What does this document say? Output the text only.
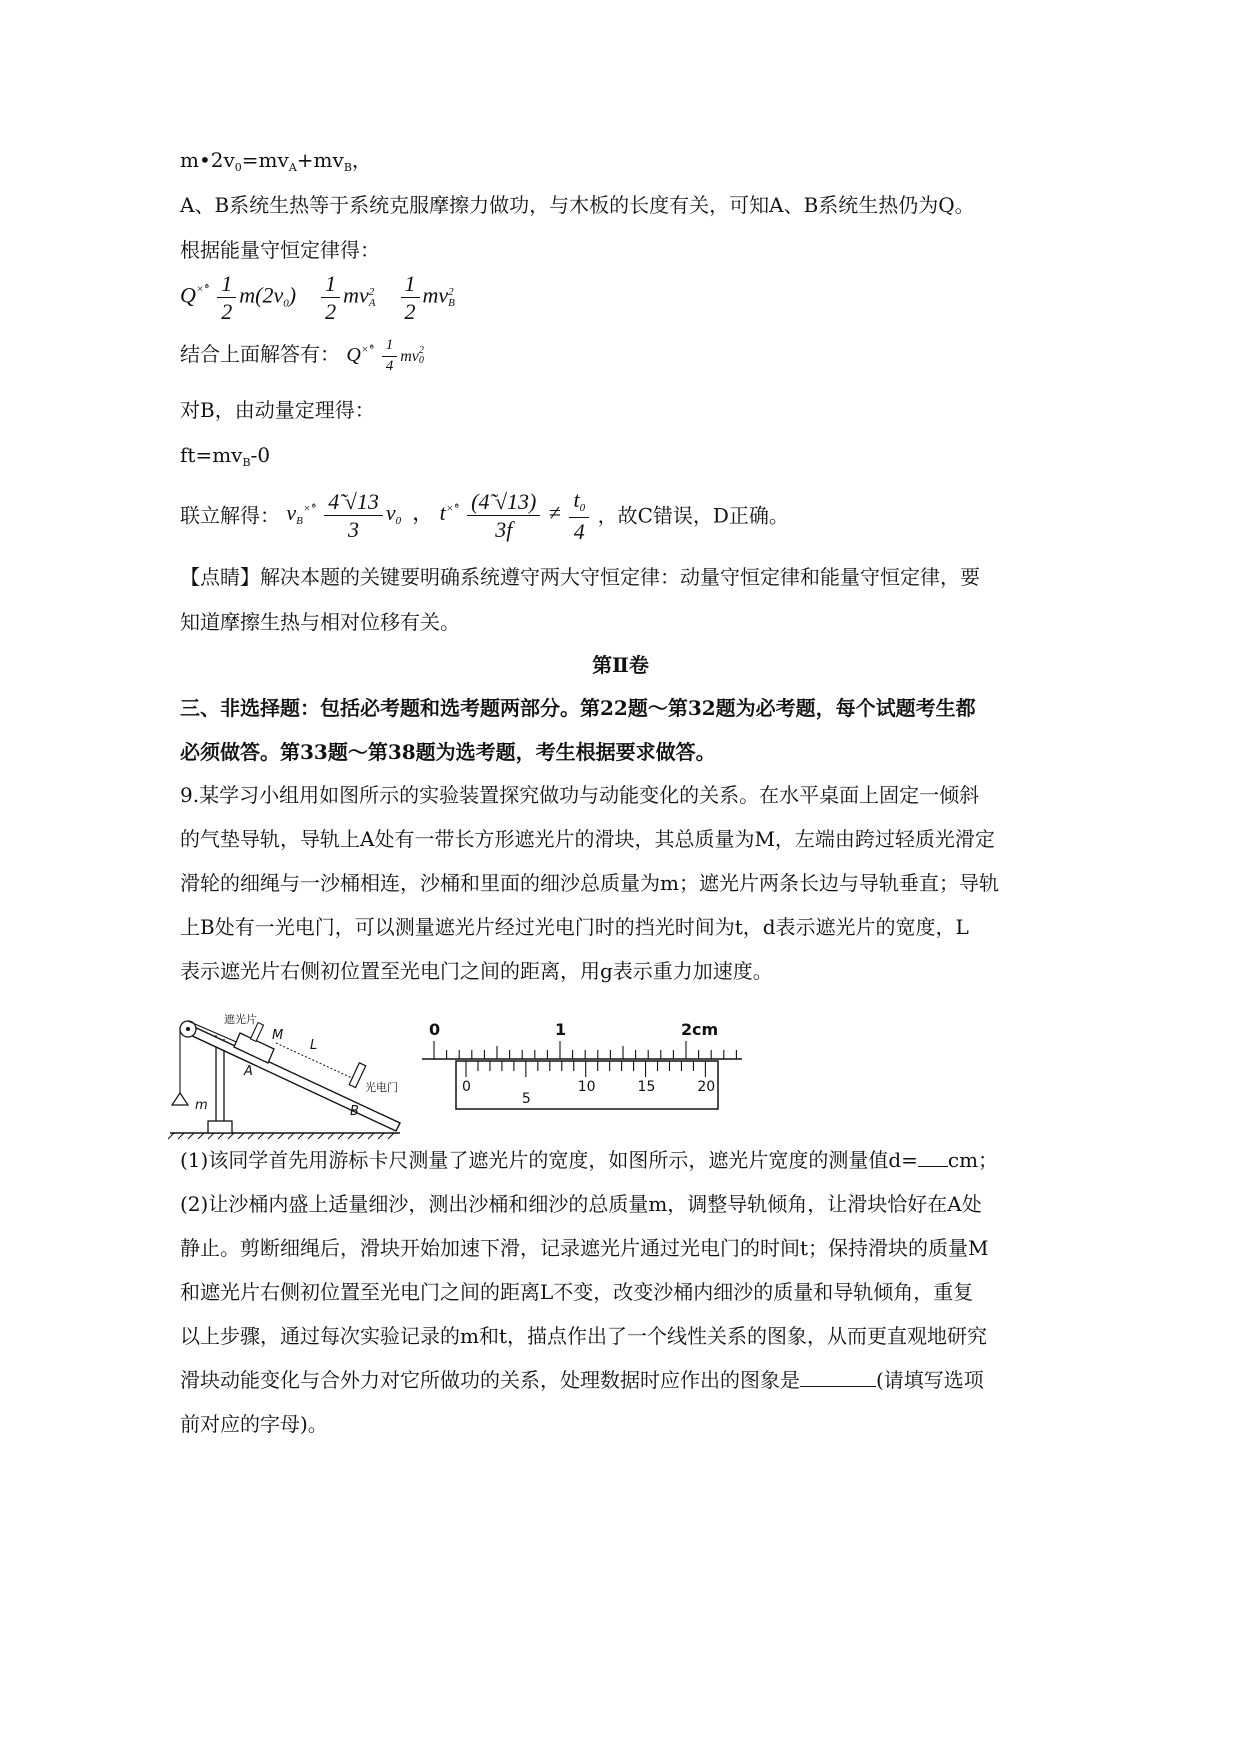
$m•2v_0=mv_A+mv_B$，
A、B系统生热等于系统克服摩擦力做功，与木板的长度有关，可知A、B系统生热仍为Q。
根据能量守恒定律得：
$Q^{\times̊^\circ} \frac{1}{2} m(2v_0) \frac{1}{2}$ mv 2
A
$\frac{1}{2}$ mv 2
B
结合上面解答有： $Q^{\times̊^\circ} \frac{1}{4}$ mv 2
0
对B，由动量定理得：
$ft=mv_B-0$
联立解得： $v_B^{\times̊^\circ} \frac{4̃ √13}{3} v_0$ ， $t^{\times̊^\circ} \frac{(4̃ √13)}{3f} \ne \frac{t_0}{4}$ ，故C错误，D正确。
【点睛】解决本题的关键要明确系统遵守两大守恒定律：动量守恒定律和能量守恒定律，要
知道摩擦生热与相对位移有关。
第Ⅱ卷
三、非选择题：包括必考题和选考题两部分。第22题～第32题为必考题，每个试题考生都
必须做答。第33题～第38题为选考题，考生根据要求做答。
9.某学习小组用如图所示的实验装置探究做功与动能变化的关系。在水平桌面上固定一倾斜
的气垫导轨，导轨上A处有一带长方形遮光片的滑块，其总质量为M，左端由跨过轻质光滑定
滑轮的细绳与一沙桶相连，沙桶和里面的细沙总质量为m；遮光片两条长边与导轨垂直；导轨
上B处有一光电门，可以测量遮光片经过光电门时的挡光时间为t，d表示遮光片的宽度，L
表示遮光片右侧初位置至光电门之间的距离，用g表示重力加速度。
m
遮光片
M
A
L
光电门
B
0	1	2
0
5
10	15	20
cm
(1)该同学首先用游标卡尺测量了遮光片的宽度，如图所示，遮光片宽度的测量值d= cm；
(2)让沙桶内盛上适量细沙，测出沙桶和细沙的总质量m，调整导轨倾角，让滑块恰好在A处
静止。剪断细绳后，滑块开始加速下滑，记录遮光片通过光电门的时间t；保持滑块的质量M
和遮光片右侧初位置至光电门之间的距离L不变，改变沙桶内细沙的质量和导轨倾角，重复
以上步骤，通过每次实验记录的m和t，描点作出了一个线性关系的图象，从而更直观地研究
滑块动能变化与合外力对它所做功的关系，处理数据时应作出的图象是	(请填写选项
前对应的字母)。
